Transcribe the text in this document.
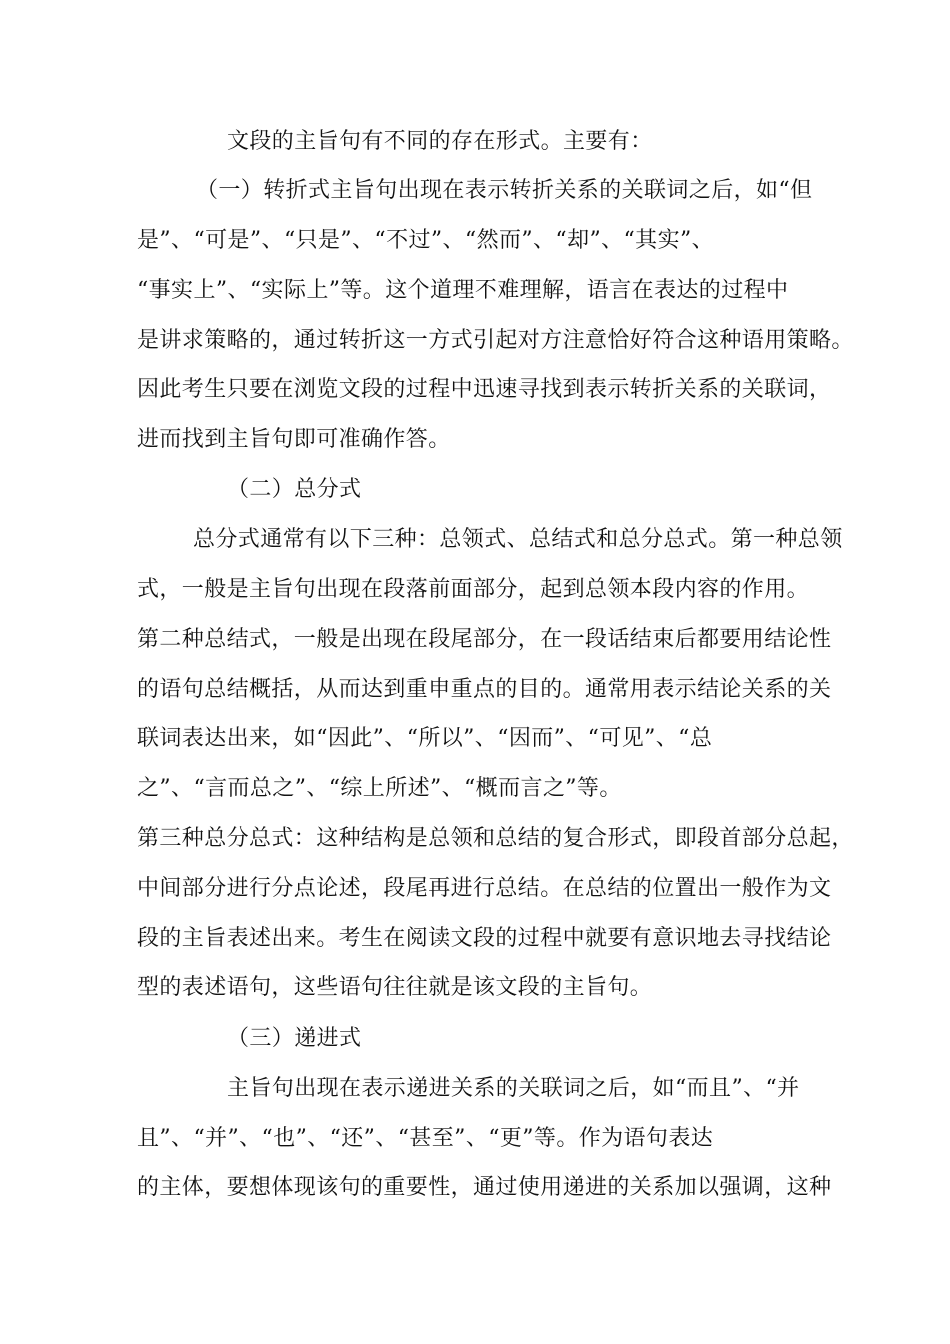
文段的主旨句有不同的存在形式。主要有：
（一）转折式主旨句出现在表示转折关系的关联词之后，如“但
是”、“可是”、“只是”、“不过”、“然而”、“却”、“其实”、
“事实上”、“实际上”等。这个道理不难理解，语言在表达的过程中
是讲求策略的，通过转折这一方式引起对方注意恰好符合这种语用策略。
因此考生只要在浏览文段的过程中迅速寻找到表示转折关系的关联词，
进而找到主旨句即可准确作答。
（二）总分式
总分式通常有以下三种：总领式、总结式和总分总式。第一种总领
式，一般是主旨句出现在段落前面部分，起到总领本段内容的作用。
第二种总结式，一般是出现在段尾部分，在一段话结束后都要用结论性
的语句总结概括，从而达到重申重点的目的。通常用表示结论关系的关
联词表达出来，如“因此”、“所以”、“因而”、“可见”、“总
之”、“言而总之”、“综上所述”、“概而言之”等。
第三种总分总式：这种结构是总领和总结的复合形式，即段首部分总起，
中间部分进行分点论述，段尾再进行总结。在总结的位置出一般作为文
段的主旨表述出来。考生在阅读文段的过程中就要有意识地去寻找结论
型的表述语句，这些语句往往就是该文段的主旨句。
（三）递进式
主旨句出现在表示递进关系的关联词之后，如“而且”、“并
且”、“并”、“也”、“还”、“甚至”、“更”等。作为语句表达
的主体，要想体现该句的重要性，通过使用递进的关系加以强调，这种
